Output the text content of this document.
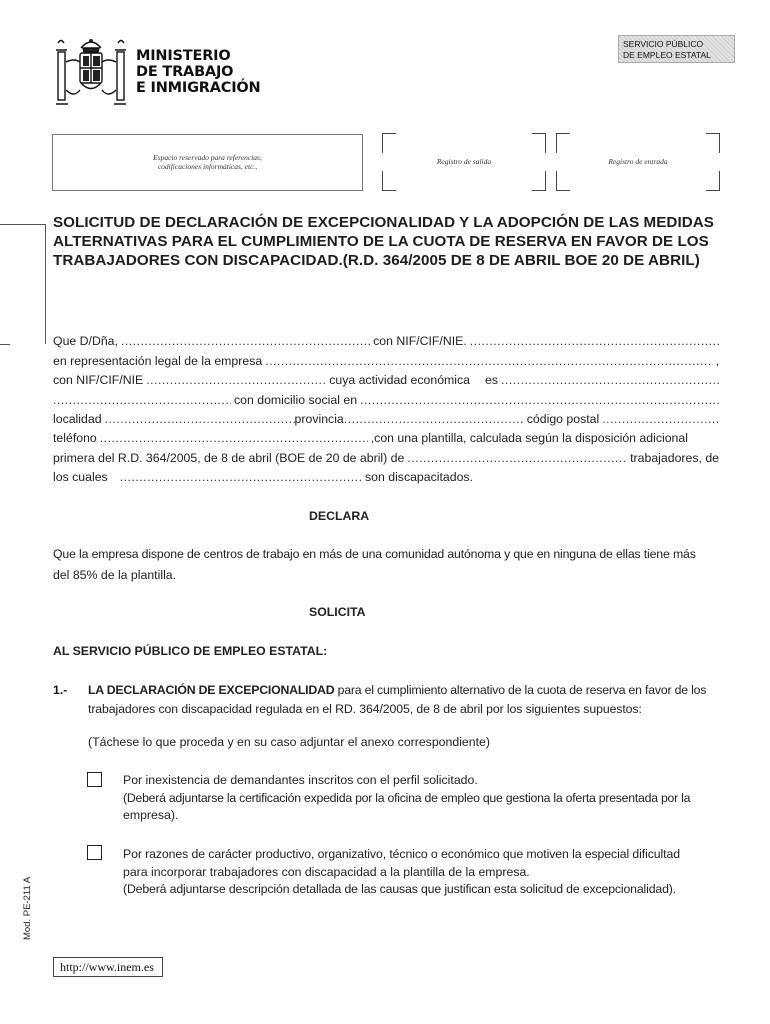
MINISTERIO
DE TRABAJO
E INMIGRACIÓN
SERVICIO PÚBLICO
DE EMPLEO ESTATAL
Espacio reservado para referencias,
codificaciones informáticas, etc.,
Registro de salida	Registro de entrada
SOLICITUD DE DECLARACIÓN DE EXCEPCIONALIDAD Y LA ADOPCIÓN DE LAS MEDIDAS
ALTERNATIVAS PARA EL CUMPLIMIENTO DE LA CUOTA DE RESERVA EN FAVOR DE LOS
TRABAJADORES CON DISCAPACIDAD.(R.D. 364/2005 DE 8 DE ABRIL BOE 20 DE ABRIL)
Que D/Dña, .....	con NIF/CIF/NIE.
.....
en representación legal de la empresa .....	,
con NIF/CIF/NIE .....	cuya actividad económica	es
.....
.....
con domicilio social en
.....
localidad .....	provincia .....	código postal
.....
teléfono .....	,con una plantilla, calculada según la disposición adicional
primera del R.D. 364/2005, de 8 de abril (BOE de 20 de abril) de .....	trabajadores, de
los cuales .....	son discapacitados.
DECLARA
Que la empresa dispone de centros de trabajo en más de una comunidad autónoma y que en ninguna de ellas tiene más
del 85% de la plantilla.
SOLICITA
AL SERVICIO PÚBLICO DE EMPLEO ESTATAL:
1.- LA DECLARACIÓN DE EXCEPCIONALIDAD para el cumplimiento alternativo de la cuota de reserva en favor de los
trabajadores con discapacidad regulada en el RD. 364/2005, de 8 de abril por los siguientes supuestos:
(Táchese lo que proceda y en su caso adjuntar el anexo correspondiente)
Por inexistencia de demandantes inscritos con el perfil solicitado.
(Deberá adjuntarse la certificación expedida por la oficina de empleo que gestiona la oferta presentada por la
empresa).
Por razones de carácter productivo, organizativo, técnico o económico que motiven la especial dificultad
para incorporar trabajadores con discapacidad a la plantilla de la empresa.
(Deberá adjuntarse descripción detallada de las causas que justifican esta solicitud de excepcionalidad).
Mod. PE-211 A
http://www.inem.es
